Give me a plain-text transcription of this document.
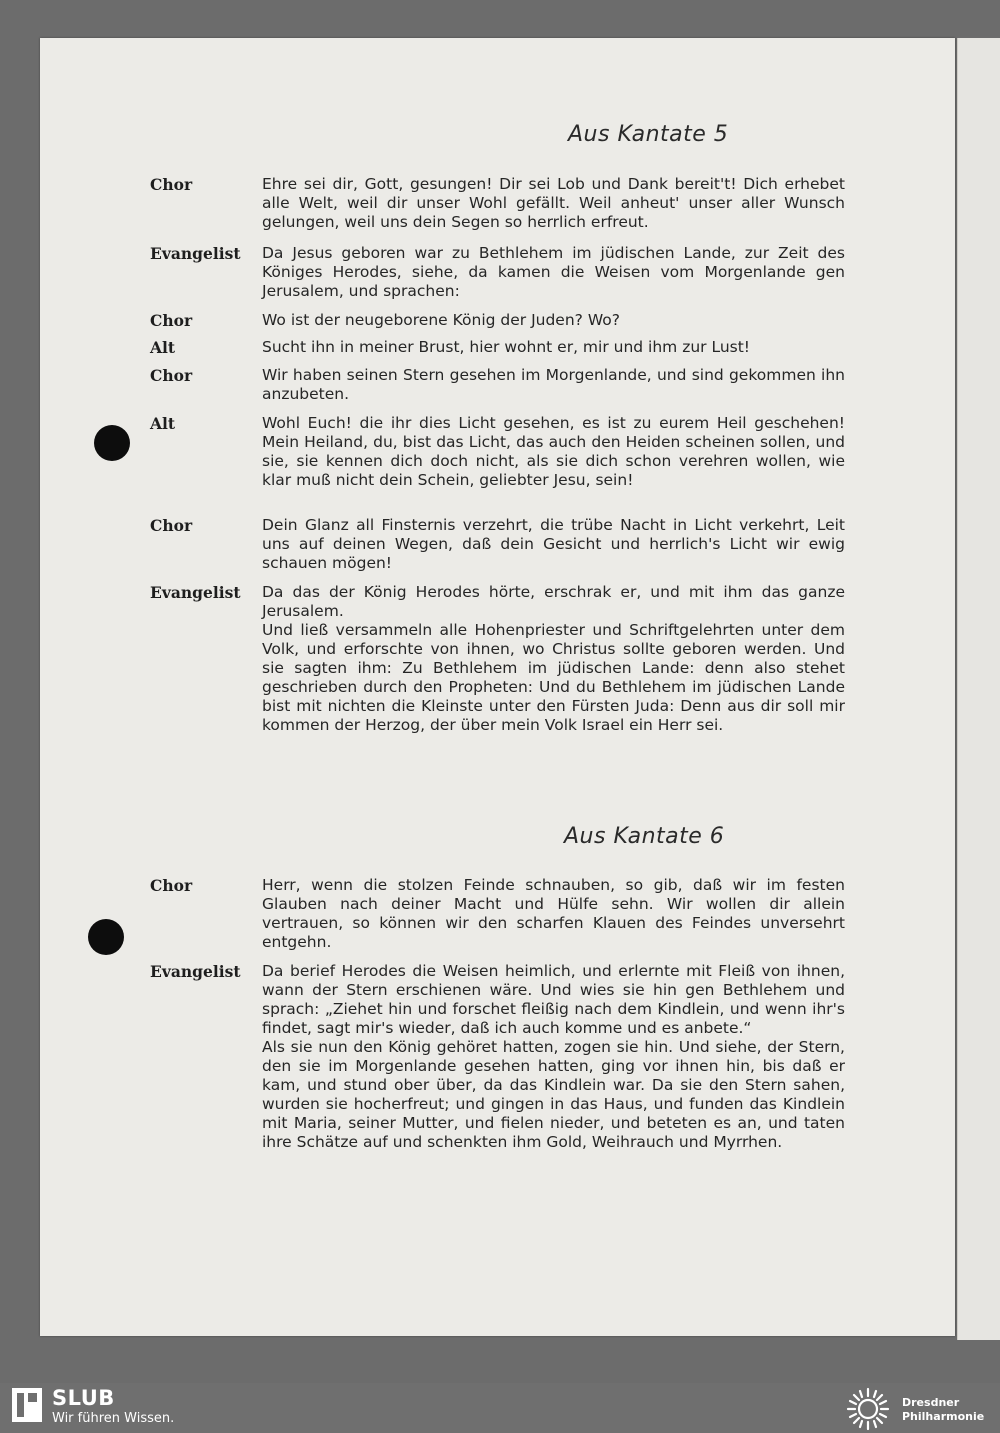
Aus Kantate 5
Chor	Ehre sei dir, Gott, gesungen! Dir sei Lob und Dank bereit't! Dich erhebet alle Welt, weil dir unser Wohl gefällt. Weil anheut' unser aller Wunsch gelungen, weil uns dein Segen so herrlich erfreut.

Evangelist	Da Jesus geboren war zu Bethlehem im jüdischen Lande, zur Zeit des Königes Herodes, siehe, da kamen die Weisen vom Morgenlande gen Jerusalem, und sprachen:

Chor	Wo ist der neugeborene König der Juden? Wo?

Alt	Sucht ihn in meiner Brust, hier wohnt er, mir und ihm zur Lust!

Chor	Wir haben seinen Stern gesehen im Morgenlande, und sind gekommen ihn anzubeten.

Alt	Wohl Euch! die ihr dies Licht gesehen, es ist zu eurem Heil geschehen! Mein Heiland, du, bist das Licht, das auch den Heiden scheinen sollen, und sie, sie kennen dich doch nicht, als sie dich schon verehren wollen, wie klar muß nicht dein Schein, geliebter Jesu, sein!

Chor	Dein Glanz all Finsternis verzehrt, die trübe Nacht in Licht verkehrt, Leit uns auf deinen Wegen, daß dein Gesicht und herrlich's Licht wir ewig schauen mögen!

Evangelist	Da das der König Herodes hörte, erschrak er, und mit ihm das ganze Jerusalem.

Und ließ versammeln alle Hohenpriester und Schriftgelehrten unter dem Volk, und erforschte von ihnen, wo Christus sollte geboren werden. Und sie sagten ihm: Zu Bethlehem im jüdischen Lande: denn also stehet geschrieben durch den Propheten: Und du Bethlehem im jüdischen Lande bist mit nichten die Kleinste unter den Fürsten Juda: Denn aus dir soll mir kommen der Herzog, der über mein Volk Israel ein Herr sei.

Aus Kantate 6
Chor	Herr, wenn die stolzen Feinde schnauben, so gib, daß wir im festen Glauben nach deiner Macht und Hülfe sehn. Wir wollen dir allein vertrauen, so können wir den scharfen Klauen des Feindes unversehrt entgehn.

Evangelist	Da berief Herodes die Weisen heimlich, und erlernte mit Fleiß von ihnen, wann der Stern erschienen wäre. Und wies sie hin gen Bethlehem und sprach: „Ziehet hin und forschet fleißig nach dem Kindlein, und wenn ihr's findet, sagt mir's wieder, daß ich auch komme und es anbete.“

Als sie nun den König gehöret hatten, zogen sie hin. Und siehe, der Stern, den sie im Morgenlande gesehen hatten, ging vor ihnen hin, bis daß er kam, und stund ober über, da das Kindlein war. Da sie den Stern sahen, wurden sie hocherfreut; und gingen in das Haus, und funden das Kindlein mit Maria, seiner Mutter, und fielen nieder, und beteten es an, und taten ihre Schätze auf und schenkten ihm Gold, Weihrauch und Myrrhen.

SLUB
Wir führen Wissen.
Dresdner
Philharmonie
